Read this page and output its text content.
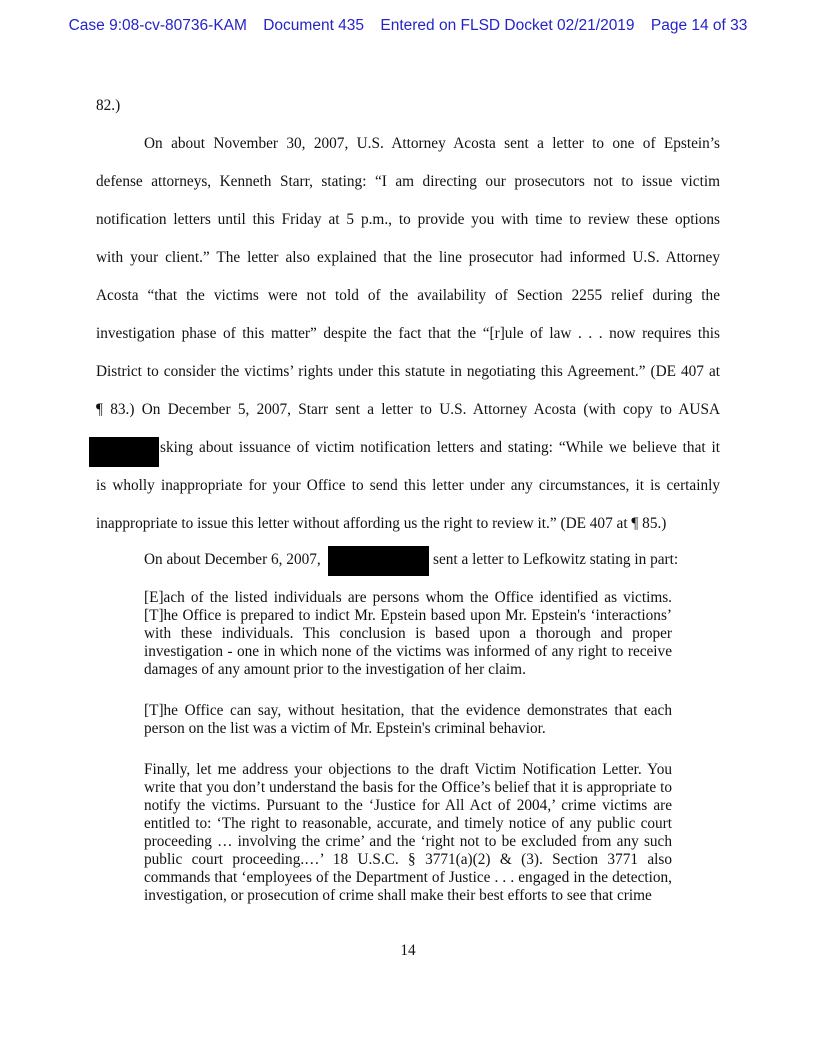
Case 9:08-cv-80736-KAM Document 435 Entered on FLSD Docket 02/21/2019 Page 14 of 33
82.)
On about November 30, 2007, U.S. Attorney Acosta sent a letter to one of Epstein’s
defense attorneys, Kenneth Starr, stating: “I am directing our prosecutors not to issue victim
notification letters until this Friday at 5 p.m., to provide you with time to review these options
with your client.” The letter also explained that the line prosecutor had informed U.S. Attorney
Acosta “that the victims were not told of the availability of Section 2255 relief during the
investigation phase of this matter” despite the fact that the “[r]ule of law . . . now requires this
District to consider the victims’ rights under this statute in negotiating this Agreement.” (DE 407 at
¶ 83.) On December 5, 2007, Starr sent a letter to U.S. Attorney Acosta (with copy to AUSA
sking about issuance of victim notification letters and stating: “While we believe that it
is wholly inappropriate for your Office to send this letter under any circumstances, it is certainly
inappropriate to issue this letter without affording us the right to review it.” (DE 407 at ¶ 85.)
On about December 6, 2007,	sent a letter to Lefkowitz stating in part:

[E]ach of the listed individuals are persons whom the Office identified as victims. [T]he Office is prepared to indict Mr. Epstein based upon Mr. Epstein's ‘interactions’ with these individuals. This conclusion is based upon a thorough and proper investigation - one in which none of the victims was informed of any right to receive damages of any amount prior to the investigation of her claim.

[T]he Office can say, without hesitation, that the evidence demonstrates that each person on the list was a victim of Mr. Epstein's criminal behavior.

Finally, let me address your objections to the draft Victim Notification Letter. You write that you don’t understand the basis for the Office’s belief that it is appropriate to notify the victims. Pursuant to the ‘Justice for All Act of 2004,’ crime victims are entitled to: ‘The right to reasonable, accurate, and timely notice of any public court proceeding … involving the crime’ and the ‘right not to be excluded from any such public court proceeding.…’ 18 U.S.C. § 3771(a)(2) & (3). Section 3771 also commands that ‘employees of the Department of Justice . . . engaged in the detection, investigation, or prosecution of crime shall make their best efforts to see that crime

14
